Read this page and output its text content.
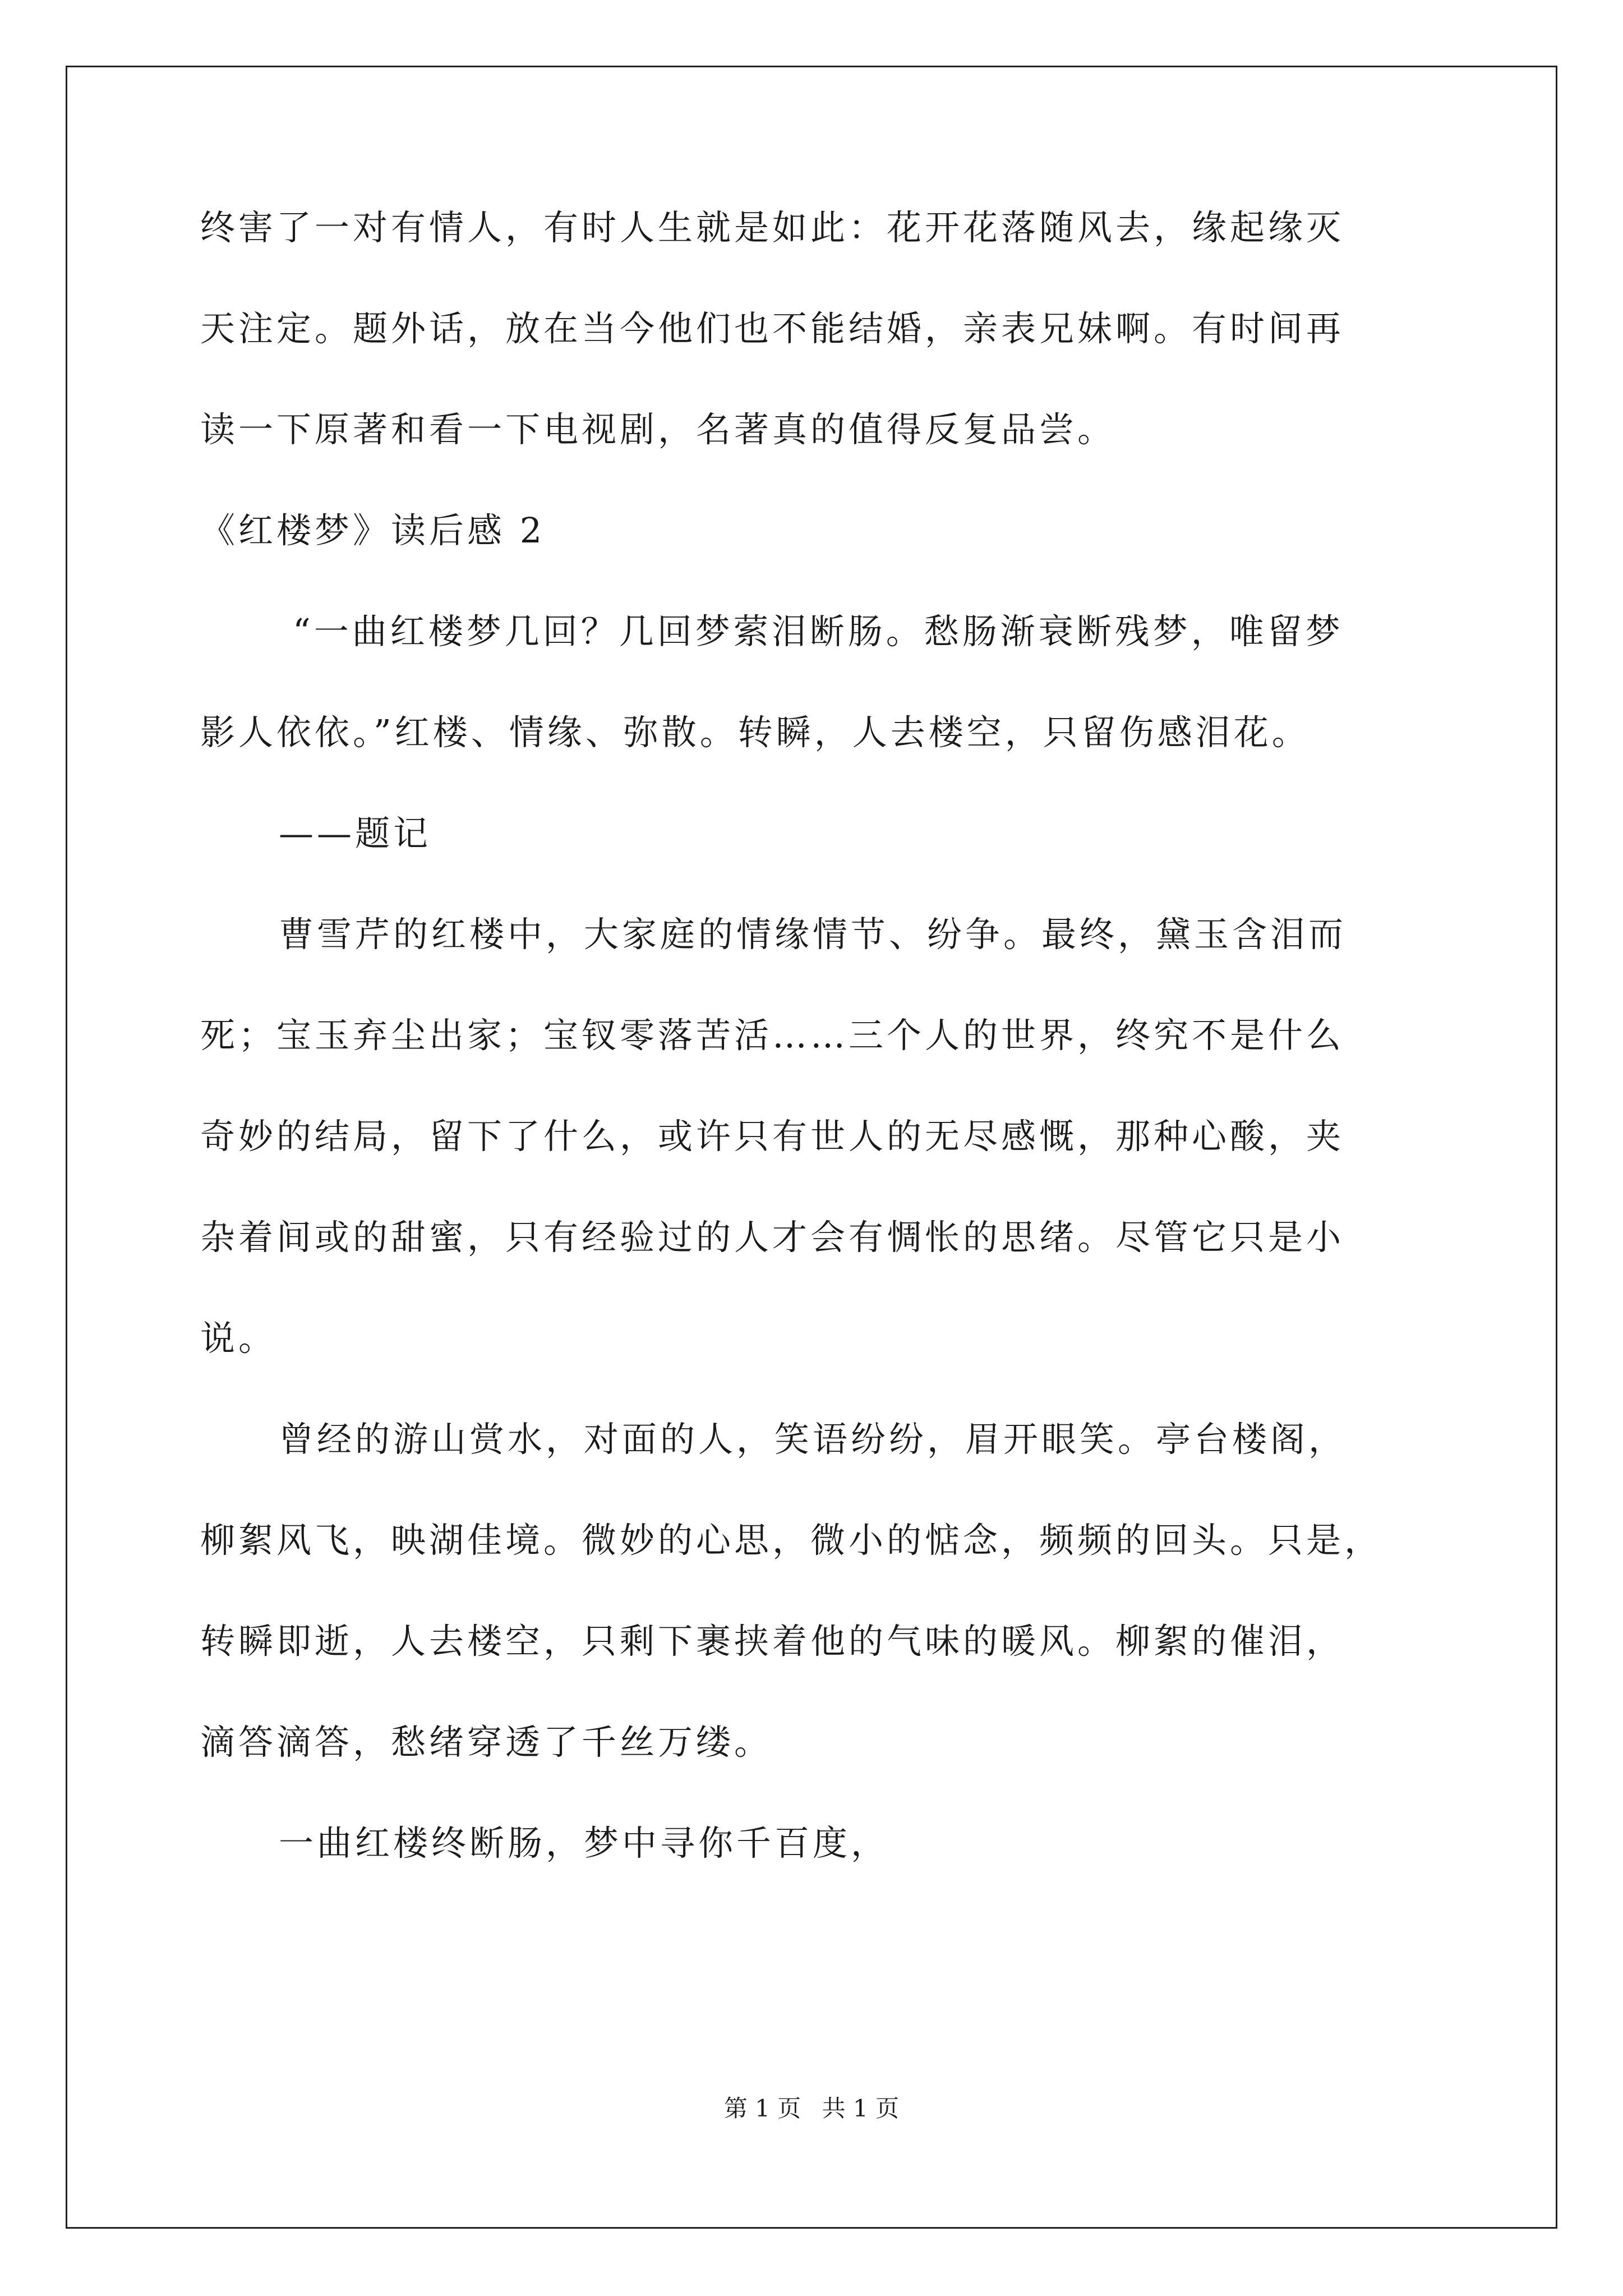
终害了一对有情人，有时人生就是如此：花开花落随风去，缘起缘灭
天注定。题外话，放在当今他们也不能结婚，亲表兄妹啊。有时间再
读一下原著和看一下电视剧，名著真的值得反复品尝。
《红楼梦》读后感 2
“一曲红楼梦几回？几回梦萦泪断肠。愁肠渐衰断残梦，唯留梦
影人依依。”红楼、情缘、弥散。转瞬，人去楼空，只留伤感泪花。
——题记
曹雪芹的红楼中，大家庭的情缘情节、纷争。最终，黛玉含泪而
死；宝玉弃尘出家；宝钗零落苦活……三个人的世界，终究不是什么
奇妙的结局，留下了什么，或许只有世人的无尽感慨，那种心酸，夹
杂着间或的甜蜜，只有经验过的人才会有惆怅的思绪。尽管它只是小
说。
曾经的游山赏水，对面的人，笑语纷纷，眉开眼笑。亭台楼阁，
柳絮风飞，映湖佳境。微妙的心思，微小的惦念，频频的回头。只是，
转瞬即逝，人去楼空，只剩下裹挟着他的气味的暖风。柳絮的催泪，
滴答滴答，愁绪穿透了千丝万缕。
一曲红楼终断肠，梦中寻你千百度，
第 1 页 共 1 页
